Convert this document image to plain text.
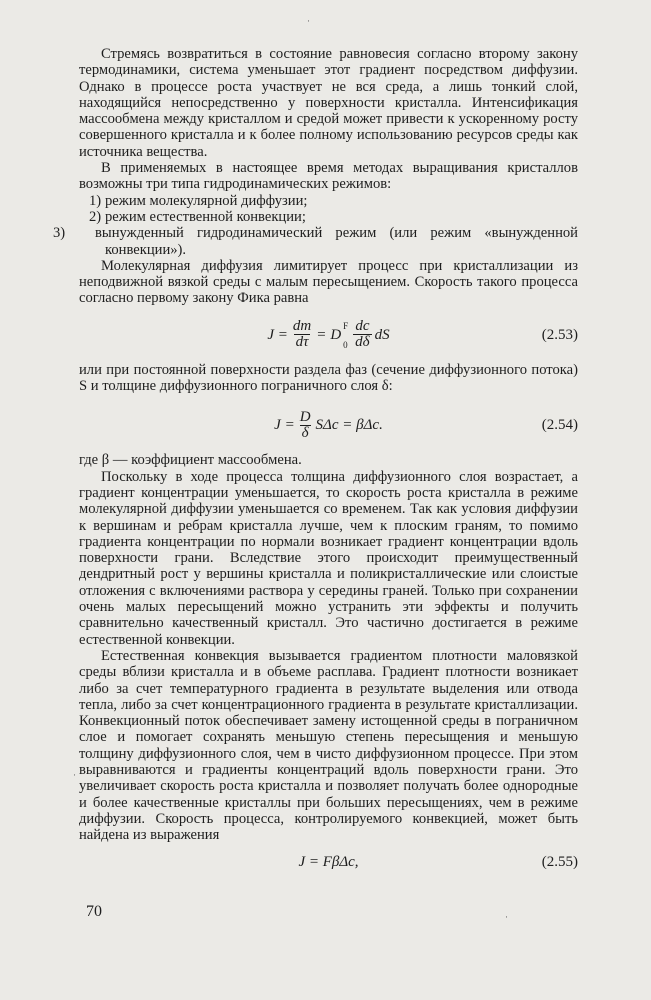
Стремясь возвратиться в состояние равновесия согласно второму закону термодинамики, система уменьшает этот градиент посредством диффузии. Однако в процессе роста участвует не вся среда, а лишь тонкий слой, находящийся непосредственно у поверхности кристалла. Интенсификация массообмена между кристаллом и средой может привести к ускоренному росту совершенного кристалла и к более полному использованию ресурсов среды как источника вещества.

В применяемых в настоящее время методах выращивания кристаллов возможны три типа гидродинамических режимов:

1) режим молекулярной диффузии;
2) режим естественной конвекции;
3) вынужденный гидродинамический режим (или режим «вынужденной конвекции»).

Молекулярная диффузия лимитирует процесс при кристаллизации из неподвижной вязкой среды с малым пересыщением. Скорость такого процесса согласно первому закону Фика равна

$J = \frac{dm}{d\tau} = D$
F
$0 \frac{dc}{d\delta}$ dS	(2.53)

или при постоянной поверхности раздела фаз (сечение диффузионного потока) S и толщине диффузионного пограничного слоя δ:

$J = \frac{D}{\delta}$ SΔc = βΔc.	(2.54)

где β — коэффициент массообмена.

Поскольку в ходе процесса толщина диффузионного слоя возрастает, а градиент концентрации уменьшается, то скорость роста кристалла в режиме молекулярной диффузии уменьшается со временем. Так как условия диффузии к вершинам и ребрам кристалла лучше, чем к плоским граням, то помимо градиента концентрации по нормали возникает градиент концентрации вдоль поверхности грани. Вследствие этого происходит преимущественный дендритный рост у вершины кристалла и поликристаллические или слоистые отложения с включениями раствора у середины граней. Только при сохранении очень малых пересыщений можно устранить эти эффекты и получить сравнительно качественный кристалл. Это частично достигается в режиме естественной конвекции.

Естественная конвекция вызывается градиентом плотности маловязкой среды вблизи кристалла и в объеме расплава. Градиент плотности возникает либо за счет температурного градиента в результате выделения или отвода тепла, либо за счет концентрационного градиента в результате кристаллизации. Конвекционный поток обеспечивает замену истощенной среды в пограничном слое и помогает сохранять меньшую степень пересыщения и меньшую толщину диффузионного слоя, чем в чисто диффузионном процессе. При этом выравниваются и градиенты концентраций вдоль поверхности грани. Это увеличивает скорость роста кристалла и позволяет получать более однородные и более качественные кристаллы при больших пересыщениях, чем в режиме диффузии. Скорость процесса, контролируемого конвекцией, может быть найдена из выражения

J = FβΔc,	(2.55)
70
·
·
·
